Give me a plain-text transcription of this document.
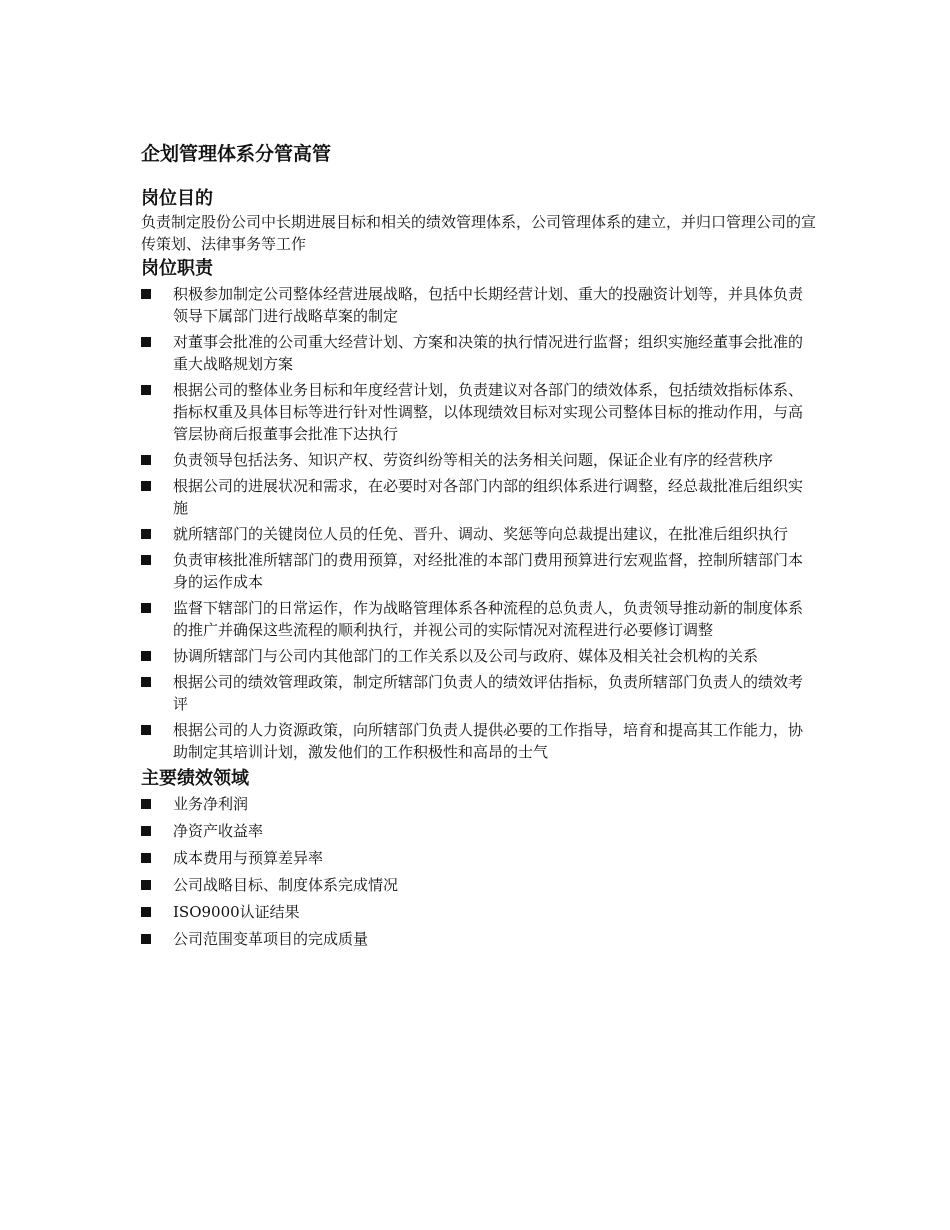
企划管理体系分管高管
岗位目的

负责制定股份公司中长期进展目标和相关的绩效管理体系，公司管理体系的建立，并归口管理公司的宣传策划、法律事务等工作

岗位职责
积极参加制定公司整体经营进展战略，包括中长期经营计划、重大的投融资计划等，并具体负责领导下属部门进行战略草案的制定
对董事会批准的公司重大经营计划、方案和决策的执行情况进行监督；组织实施经董事会批准的重大战略规划方案
根据公司的整体业务目标和年度经营计划，负责建议对各部门的绩效体系，包括绩效指标体系、指标权重及具体目标等进行针对性调整，以体现绩效目标对实现公司整体目标的推动作用，与高管层协商后报董事会批准下达执行
负责领导包括法务、知识产权、劳资纠纷等相关的法务相关问题，保证企业有序的经营秩序
根据公司的进展状况和需求，在必要时对各部门内部的组织体系进行调整，经总裁批准后组织实施
就所辖部门的关键岗位人员的任免、晋升、调动、奖惩等向总裁提出建议，在批准后组织执行
负责审核批准所辖部门的费用预算，对经批准的本部门费用预算进行宏观监督，控制所辖部门本身的运作成本
监督下辖部门的日常运作，作为战略管理体系各种流程的总负责人，负责领导推动新的制度体系的推广并确保这些流程的顺利执行，并视公司的实际情况对流程进行必要修订调整
协调所辖部门与公司内其他部门的工作关系以及公司与政府、媒体及相关社会机构的关系
根据公司的绩效管理政策，制定所辖部门负责人的绩效评估指标，负责所辖部门负责人的绩效考评
根据公司的人力资源政策，向所辖部门负责人提供必要的工作指导，培育和提高其工作能力，协助制定其培训计划，激发他们的工作积极性和高昂的士气
主要绩效领域
业务净利润
净资产收益率
成本费用与预算差异率
公司战略目标、制度体系完成情况
ISO9000认证结果
公司范围变革项目的完成质量
